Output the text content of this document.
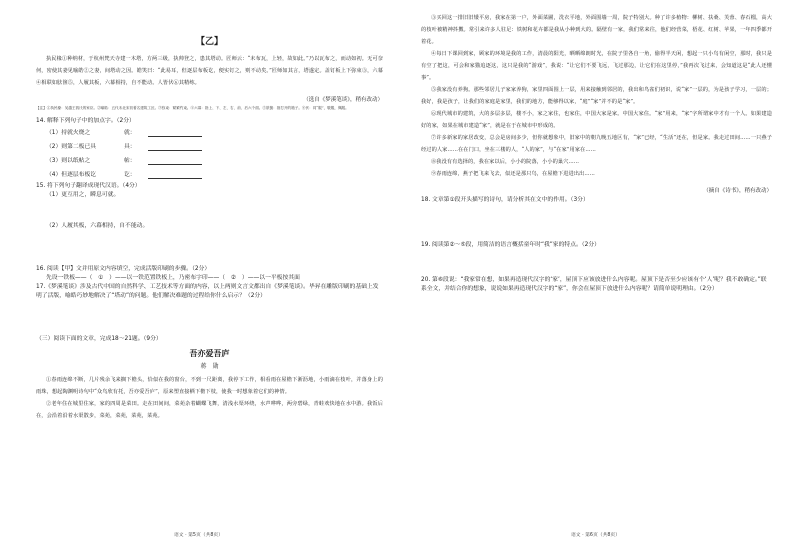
【乙】

执民椽①种纳材，于杭州梵天寺建一木塔，方两三级，执帅登之，患其塔动。匠师云：“未布瓦，上轻，故如此。”乃以瓦布之，而动如初。无可奈何，密使其妻见喻皓②之妻，间塔动之因。皓笑曰：“此易耳，但逐层布板讫，便实钉之，则不动矣。”匠师如其言，塔遂定。盖钉板上下弥束③，六幕④相联如胠箧⑤，人履其板，六幕相持，自不能动。人皆伏⑥其精练。

（选自《梦溪笔谈》，稍有改动）

【注】①执民椽：吴越王钱氏的家臣。②喻皓：五代末北宋初著名建筑工匠。③弥束：紧紧约束。④六幕：指上、下、左、右、前、后六个面。⑤胠箧：指打开的箱子。⑥伏：同“服”，敬服，佩服。

14. 解释下列句子中的加点字。（2分）

（1）持就火烧之	就：
（2）则第二板已具	具：
（3）则以纸帖之	帖：
（4）但逐层布板讫	讫：

15. 将下列句子翻译成现代汉语。（4分）

（1）更互用之，瞬息可就。

（2）人履其板，六幕相持，自不能动。

16. 阅读【甲】文并用原文内容填空，完成活版印刷的步骤。（2分）

先设一铁板——（　①　）——以一铁范置铁板上，乃密布字印——（　②　）——以一平板按其面

17.《梦溪笔谈》涉及古代中国的自然科学、工艺技术等方面的内容，以上两则文言文都出自《梦溪笔谈》。毕昇在雕版印刷的基础上发明了活版，喻皓巧妙地解决了“塔动”的问题。他们解决难题的过程给你什么启示？（2分）

（三）阅读下面的文章，完成18～21题。（9分）

吾亦爱吾庐

蒋　勋

①春雨连绵不断，几片残余飞来搁下檐头，恰似在我的窗台，不到一尺距离，我停下工作，相看雨在屋檐下淅沥地，小雨滴在枝叶，并落身上的雨珠，想起陶渊明诗句中“众鸟欣有托，吾亦爱吾庐”，原来塑直接栖下檐下枝，使我一时想象着它们的神情。

②老年住在城里住家，家的四周是菜田。走在田间间，菜苑杂着蝴蝶飞舞，清浅水渠环绕，水声哗哗，两旁碧绿，青蛙欢快地在水中游。我饭后在，会沿着沿着水渠散步，菜苑，菜苑，菜苑，菜苑。

语文 · 第5页（共8页）

③买回这一排旧旧矮平房，我家在第一户，外面菜圃，洗衣平地，外面围墙一周，院子特别大。种了许多植物：柳树、扶桑、芙蓉、春石榴，高大的枝叶被精神抖擞。常引来许多人驻足：铁树和花卉都是我从小种到大的。隔壁有一家，我们常来往，他们经营菜，梧花、红树、苹果，一年四季都开着花。

④每日下课回到家，顾家的环境是我的工作，清晨的阳光，晒晒绵朗时光，在院子里各自一角，偷得半天闲，想起一只小鸟有闲空，那时，我只是有空了把这，可会和家猫追逐这，这只是我的“游戏”，我说：“让它们不要飞远，飞过那边，让它们在这里停，”我再次飞过来，会知道这是“此人还懂事”。

⑤我家没有养狗。那些邻居儿子家家养狗，家里四面围上一层，用来接触到邻居的，我出和鸟雀们初识，说“家”一层的，为是孩子学习，一层的；我好，我是孩子，让我们的家庭是家里，我们的地方，能够得以家，“庭”“家”并不的是“家”。

⑥现代城市的建筑，大的多层多层，楼不小，家之家住，也家住，中国大家是家。中国大家住。“家”用来，“家”字所谓家中才有一个人。如果建造好的家，如果在城市建造“家”，就是在于在城市中形成的。

⑦许多新家的家居改变，总会是房间多少，但你就想象中，旧家中的朝九晚五地区有，“家”已经，“生活”还在，但是家。我走过田间……一只燕子经过的人家……在在门口，坐在三楼的人，“人的家”，与“在家”用家在……

⑧我没有有选择的，我在家以后，小小的院落，小小的巢穴……

⑨春雨连绵，燕子把飞来飞去，似还是那只鸟，在屋檐下进进出出……

（摘自《诗书》，稍有改动）

18. 文章第①段开头描写的诗句，请分析其在文中的作用。（3分）

19. 阅读第②～⑤段，用简洁的语言概括童年时“我”家的特点。（2分）

20. 第⑥段说：“我家常在想，如果再造现代汉字的‘家’，屋顶下应该放进什么内容呢。屋顶下是否至少应该有个‘人’呢？我不敢确定。”联系全文，并结合你的想象，说说如果再造现代汉字的“家”，你会在屋顶下放进什么内容呢？请简单说明理由。（2分）

语文 · 第6页（共8页）
